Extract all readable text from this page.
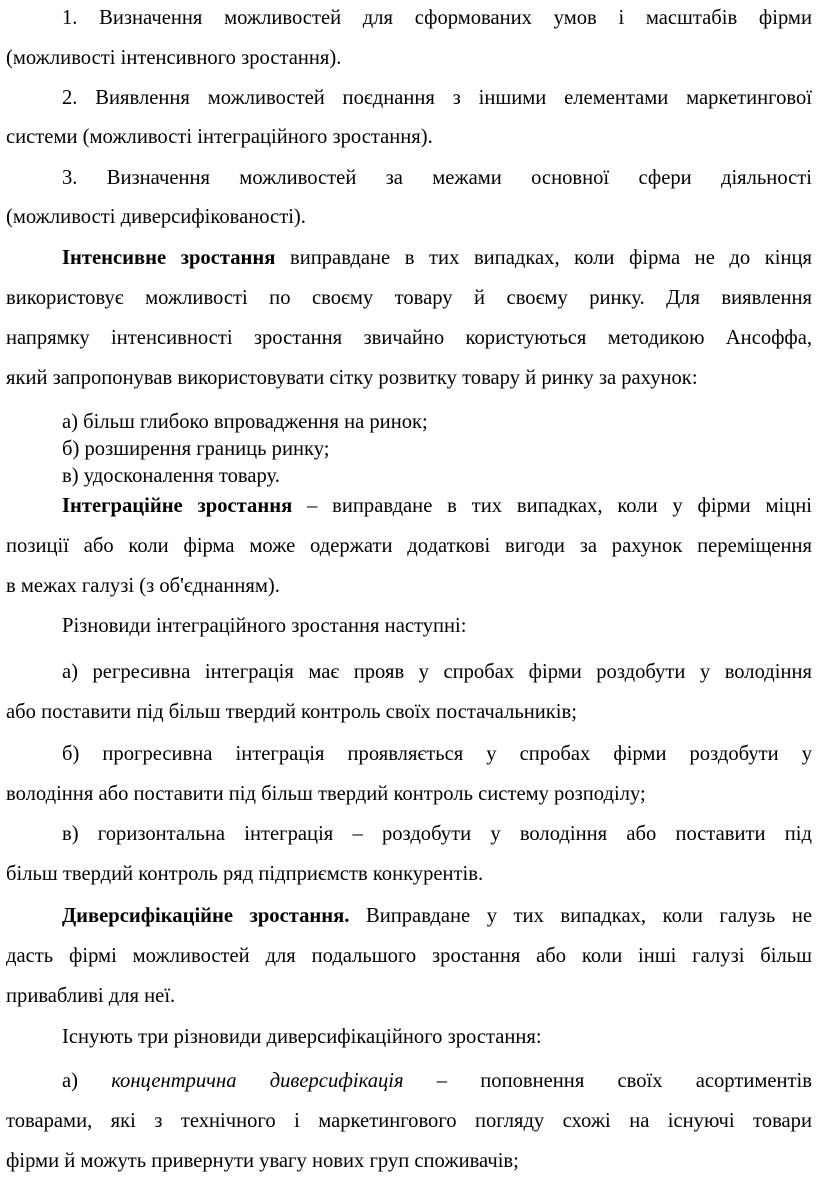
1. Визначення можливостей для сформованих умов і масштабів фірми
(можливості інтенсивного зростання).
2. Виявлення можливостей поєднання з іншими елементами маркетингової
системи (можливості інтеграційного зростання).
3. Визначення можливостей за межами основної сфери діяльності
(можливості диверсифікованості).
Інтенсивне зростання виправдане в тих випадках, коли фірма не до кінця
використовує можливості по своєму товару й своєму ринку. Для виявлення
напрямку інтенсивності зростання звичайно користуються методикою Ансоффа,
який запропонував використовувати сітку розвитку товару й ринку за рахунок:
а) більш глибоко впровадження на ринок;
б) розширення границь ринку;
в) удосконалення товару.
Інтеграційне зростання – виправдане в тих випадках, коли у фірми міцні
позиції або коли фірма може одержати додаткові вигоди за рахунок переміщення
в межах галузі (з об'єднанням).
Різновиди інтеграційного зростання наступні:
а) регресивна інтеграція має прояв у спробах фірми роздобути у володіння
або поставити під більш твердий контроль своїх постачальників;
б) прогресивна інтеграція проявляється у спробах фірми роздобути у
володіння або поставити під більш твердий контроль систему розподілу;
в) горизонтальна інтеграція – роздобути у володіння або поставити під
більш твердий контроль ряд підприємств конкурентів.
Диверсифікаційне зростання. Виправдане у тих випадках, коли галузь не
дасть фірмі можливостей для подальшого зростання або коли інші галузі більш
привабливі для неї.
Існують три різновиди диверсифікаційного зростання:
а) концентрична диверсифікація – поповнення своїх асортиментів
товарами, які з технічного і маркетингового погляду схожі на існуючі товари
фірми й можуть привернути увагу нових груп споживачів;
